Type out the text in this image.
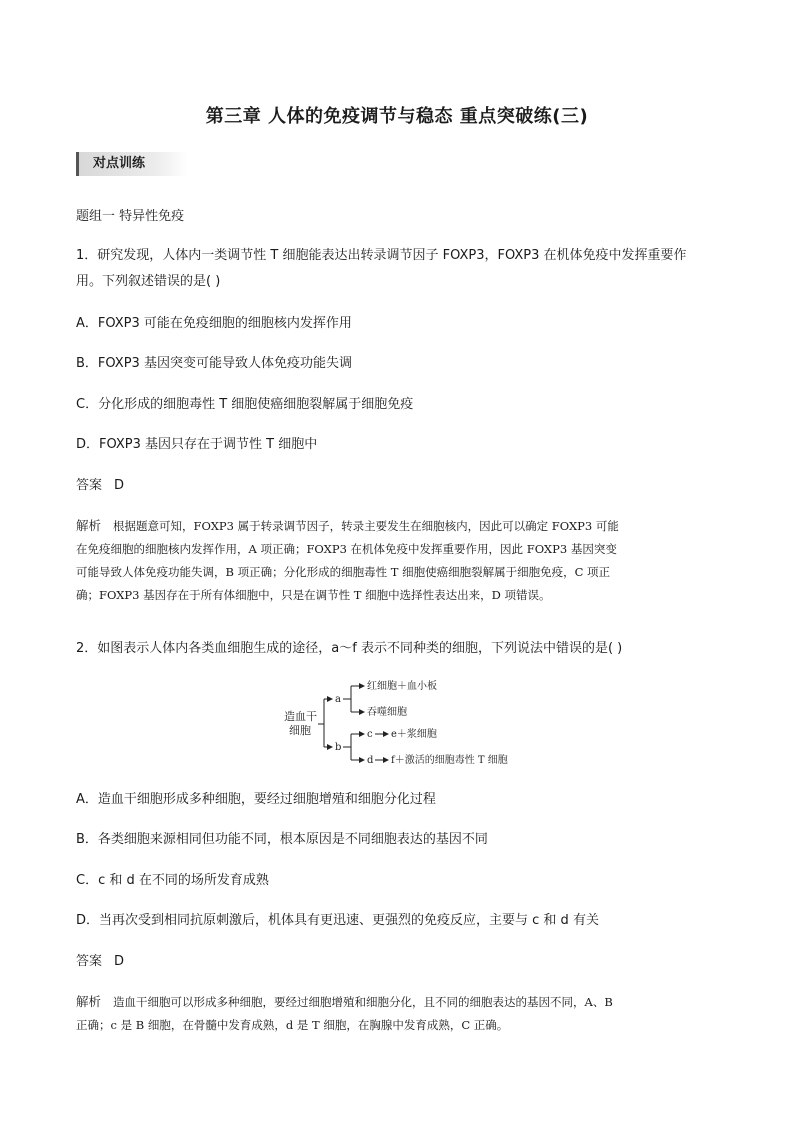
第三章 人体的免疫调节与稳态 重点突破练(三)
对点训练
题组一 特异性免疫
1．研究发现，人体内一类调节性 T 细胞能表达出转录调节因子 FOXP3，FOXP3 在机体免疫中发挥重要作
用。下列叙述错误的是( )
A．FOXP3 可能在免疫细胞的细胞核内发挥作用
B．FOXP3 基因突变可能导致人体免疫功能失调
C．分化形成的细胞毒性 T 细胞使癌细胞裂解属于细胞免疫
D．FOXP3 基因只存在于调节性 T 细胞中
答案 D
解析 根据题意可知，FOXP3 属于转录调节因子，转录主要发生在细胞核内，因此可以确定 FOXP3 可能
在免疫细胞的细胞核内发挥作用，A 项正确；FOXP3 在机体免疫中发挥重要作用，因此 FOXP3 基因突变
可能导致人体免疫功能失调，B 项正确；分化形成的细胞毒性 T 细胞使癌细胞裂解属于细胞免疫，C 项正
确；FOXP3 基因存在于所有体细胞中，只是在调节性 T 细胞中选择性表达出来，D 项错误。
2．如图表示人体内各类血细胞生成的途径，a～f 表示不同种类的细胞，下列说法中错误的是( )
造血干
细胞
a
b
红细胞＋血小板
吞噬细胞
c
d
e＋浆细胞
f＋激活的细胞毒性 T 细胞
A．造血干细胞形成多种细胞，要经过细胞增殖和细胞分化过程
B．各类细胞来源相同但功能不同，根本原因是不同细胞表达的基因不同
C．c 和 d 在不同的场所发育成熟
D．当再次受到相同抗原刺激后，机体具有更迅速、更强烈的免疫反应，主要与 c 和 d 有关
答案 D
解析 造血干细胞可以形成多种细胞，要经过细胞增殖和细胞分化，且不同的细胞表达的基因不同，A、B
正确；c 是 B 细胞，在骨髓中发育成熟，d 是 T 细胞，在胸腺中发育成熟，C 正确。
